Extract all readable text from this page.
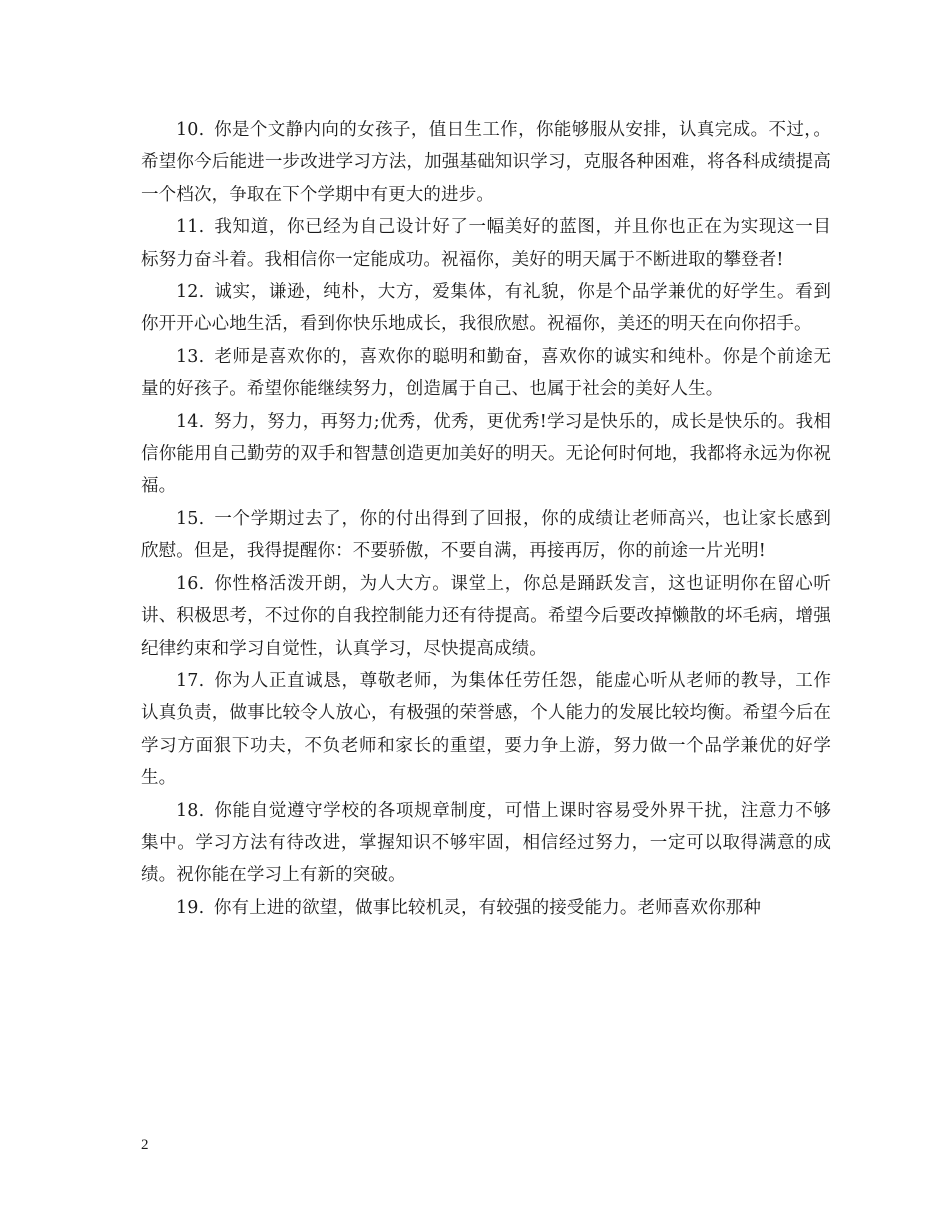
10. 你是个文静内向的女孩子，值日生工作，你能够服从安排，认真完成。不过，。希望你今后能进一步改进学习方法，加强基础知识学习，克服各种困难，将各科成绩提高一个档次，争取在下个学期中有更大的进步。

11. 我知道，你已经为自己设计好了一幅美好的蓝图，并且你也正在为实现这一目标努力奋斗着。我相信你一定能成功。祝福你，美好的明天属于不断进取的攀登者!

12. 诚实，谦逊，纯朴，大方，爱集体，有礼貌，你是个品学兼优的好学生。看到你开开心心地生活，看到你快乐地成长，我很欣慰。祝福你，美还的明天在向你招手。

13. 老师是喜欢你的，喜欢你的聪明和勤奋，喜欢你的诚实和纯朴。你是个前途无量的好孩子。希望你能继续努力，创造属于自己、也属于社会的美好人生。

14. 努力，努力，再努力;优秀，优秀，更优秀!学习是快乐的，成长是快乐的。我相信你能用自己勤劳的双手和智慧创造更加美好的明天。无论何时何地，我都将永远为你祝福。

15. 一个学期过去了，你的付出得到了回报，你的成绩让老师高兴，也让家长感到欣慰。但是，我得提醒你：不要骄傲，不要自满，再接再厉，你的前途一片光明!

16. 你性格活泼开朗，为人大方。课堂上，你总是踊跃发言，这也证明你在留心听讲、积极思考，不过你的自我控制能力还有待提高。希望今后要改掉懒散的坏毛病，增强纪律约束和学习自觉性，认真学习，尽快提高成绩。

17. 你为人正直诚恳，尊敬老师，为集体任劳任怨，能虚心听从老师的教导，工作认真负责，做事比较令人放心，有极强的荣誉感，个人能力的发展比较均衡。希望今后在学习方面狠下功夫，不负老师和家长的重望，要力争上游，努力做一个品学兼优的好学生。

18. 你能自觉遵守学校的各项规章制度，可惜上课时容易受外界干扰，注意力不够集中。学习方法有待改进，掌握知识不够牢固，相信经过努力，一定可以取得满意的成绩。祝你能在学习上有新的突破。

19. 你有上进的欲望，做事比较机灵，有较强的接受能力。老师喜欢你那种

2
